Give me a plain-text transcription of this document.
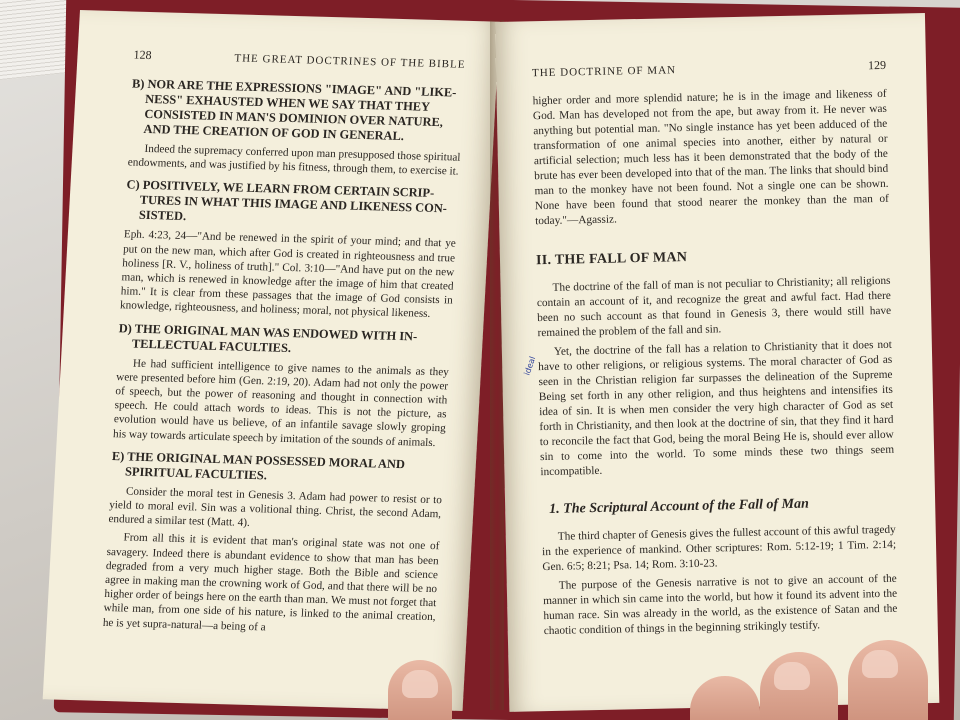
128	THE GREAT DOCTRINES OF THE BIBLE
B) NOR ARE THE EXPRESSIONS "IMAGE" AND "LIKE-NESS" EXHAUSTED WHEN WE SAY THAT THEY CONSISTED IN MAN'S DOMINION OVER NATURE, AND THE CREATION OF GOD IN GENERAL.
Indeed the supremacy conferred upon man presupposed those spiritual endowments, and was justified by his fitness, through them, to exercise it.
C) POSITIVELY, WE LEARN FROM CERTAIN SCRIP-TURES IN WHAT THIS IMAGE AND LIKENESS CON-SISTED.
Eph. 4:23, 24—"And be renewed in the spirit of your mind; and that ye put on the new man, which after God is created in righteousness and true holiness [R. V., holiness of truth]." Col. 3:10—"And have put on the new man, which is renewed in knowledge after the image of him that created him." It is clear from these passages that the image of God consists in knowledge, righteousness, and holiness; moral, not physical likeness.
D) THE ORIGINAL MAN WAS ENDOWED WITH IN-TELLECTUAL FACULTIES.
He had sufficient intelligence to give names to the animals as they were presented before him (Gen. 2:19, 20). Adam had not only the power of speech, but the power of reasoning and thought in connection with speech. He could attach words to ideas. This is not the picture, as evolution would have us believe, of an infantile savage slowly groping his way towards articulate speech by imitation of the sounds of animals.
E) THE ORIGINAL MAN POSSESSED MORAL AND SPIRITUAL FACULTIES.
Consider the moral test in Genesis 3. Adam had power to resist or to yield to moral evil. Sin was a volitional thing. Christ, the second Adam, endured a similar test (Matt. 4).
From all this it is evident that man's original state was not one of savagery. Indeed there is abundant evidence to show that man has been degraded from a very much higher stage. Both the Bible and science agree in making man the crowning work of God, and that there will be no higher order of beings here on the earth than man. We must not forget that while man, from one side of his nature, is linked to the animal creation, he is yet supra-natural—a being of a
THE DOCTRINE OF MAN	129
higher order and more splendid nature; he is in the image and likeness of God. Man has developed not from the ape, but away from it. He never was anything but potential man. "No single instance has yet been adduced of the transformation of one animal species into another, either by natural or artificial selection; much less has it been demonstrated that the body of the brute has ever been developed into that of the man. The links that should bind man to the monkey have not been found. Not a single one can be shown. None have been found that stood nearer the monkey than the man of today."—Agassiz.
II. THE FALL OF MAN
The doctrine of the fall of man is not peculiar to Christianity; all religions contain an account of it, and recognize the great and awful fact. Had there been no such account as that found in Genesis 3, there would still have remained the problem of the fall and sin.
Yet, the doctrine of the fall has a relation to Christianity that it does not have to other religions, or religious systems. The moral character of God as seen in the Christian religion far surpasses the delineation of the Supreme Being set forth in any other religion, and thus heightens and intensifies its idea of sin. It is when men consider the very high character of God as set forth in Christianity, and then look at the doctrine of sin, that they find it hard to reconcile the fact that God, being the moral Being He is, should ever allow sin to come into the world. To some minds these two things seem incompatible.
1. The Scriptural Account of the Fall of Man
The third chapter of Genesis gives the fullest account of this awful tragedy in the experience of mankind. Other scriptures: Rom. 5:12-19; 1 Tim. 2:14; Gen. 6:5; 8:21; Psa. 14; Rom. 3:10-23.
The purpose of the Genesis narrative is not to give an account of the manner in which sin came into the world, but how it found its advent into the human race. Sin was already in the world, as the existence of Satan and the chaotic condition of things in the beginning strikingly testify.
ideal
